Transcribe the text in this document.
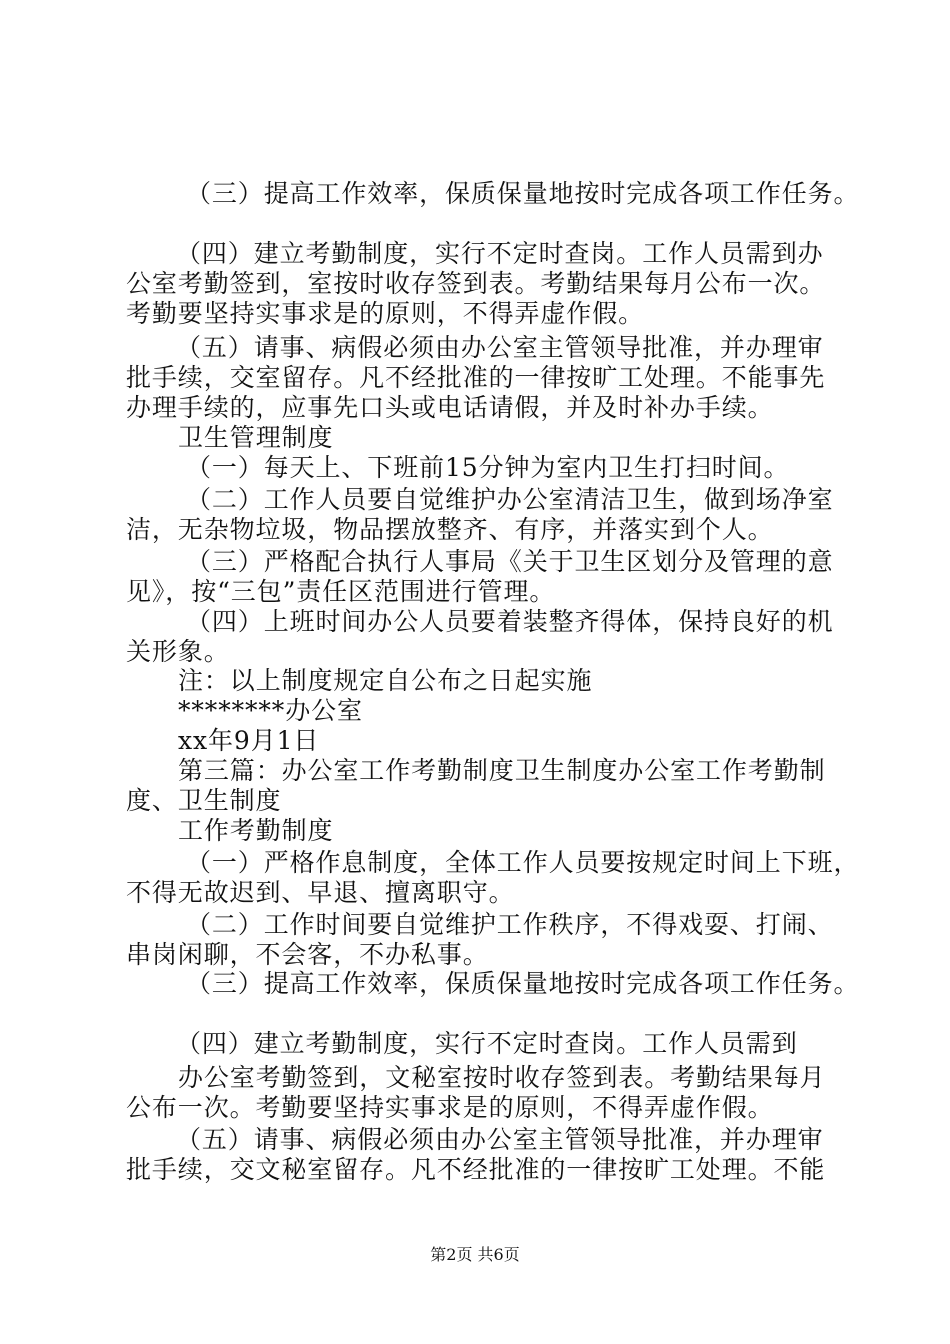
（三）提高工作效率，保质保量地按时完成各项工作任务。
（四）建立考勤制度，实行不定时查岗。工作人员需到办
公室考勤签到，室按时收存签到表。考勤结果每月公布一次。
考勤要坚持实事求是的原则，不得弄虚作假。
（五）请事、病假必须由办公室主管领导批准，并办理审
批手续，交室留存。凡不经批准的一律按旷工处理。不能事先
办理手续的，应事先口头或电话请假，并及时补办手续。
卫生管理制度
（一）每天上、下班前15分钟为室内卫生打扫时间。
（二）工作人员要自觉维护办公室清洁卫生，做到场净室
洁，无杂物垃圾，物品摆放整齐、有序，并落实到个人。
（三）严格配合执行人事局《关于卫生区划分及管理的意
见》，按“三包”责任区范围进行管理。
（四）上班时间办公人员要着装整齐得体，保持良好的机
关形象。
注：以上制度规定自公布之日起实施
********办公室
xx年9月1日
第三篇：办公室工作考勤制度卫生制度办公室工作考勤制
度、卫生制度
工作考勤制度
（一）严格作息制度，全体工作人员要按规定时间上下班，
不得无故迟到、早退、擅离职守。
（二）工作时间要自觉维护工作秩序，不得戏耍、打闹、
串岗闲聊，不会客，不办私事。
（三）提高工作效率，保质保量地按时完成各项工作任务。
（四）建立考勤制度，实行不定时查岗。工作人员需到
办公室考勤签到，文秘室按时收存签到表。考勤结果每月
公布一次。考勤要坚持实事求是的原则，不得弄虚作假。
（五）请事、病假必须由办公室主管领导批准，并办理审
批手续，交文秘室留存。凡不经批准的一律按旷工处理。不能
第2页 共6页
